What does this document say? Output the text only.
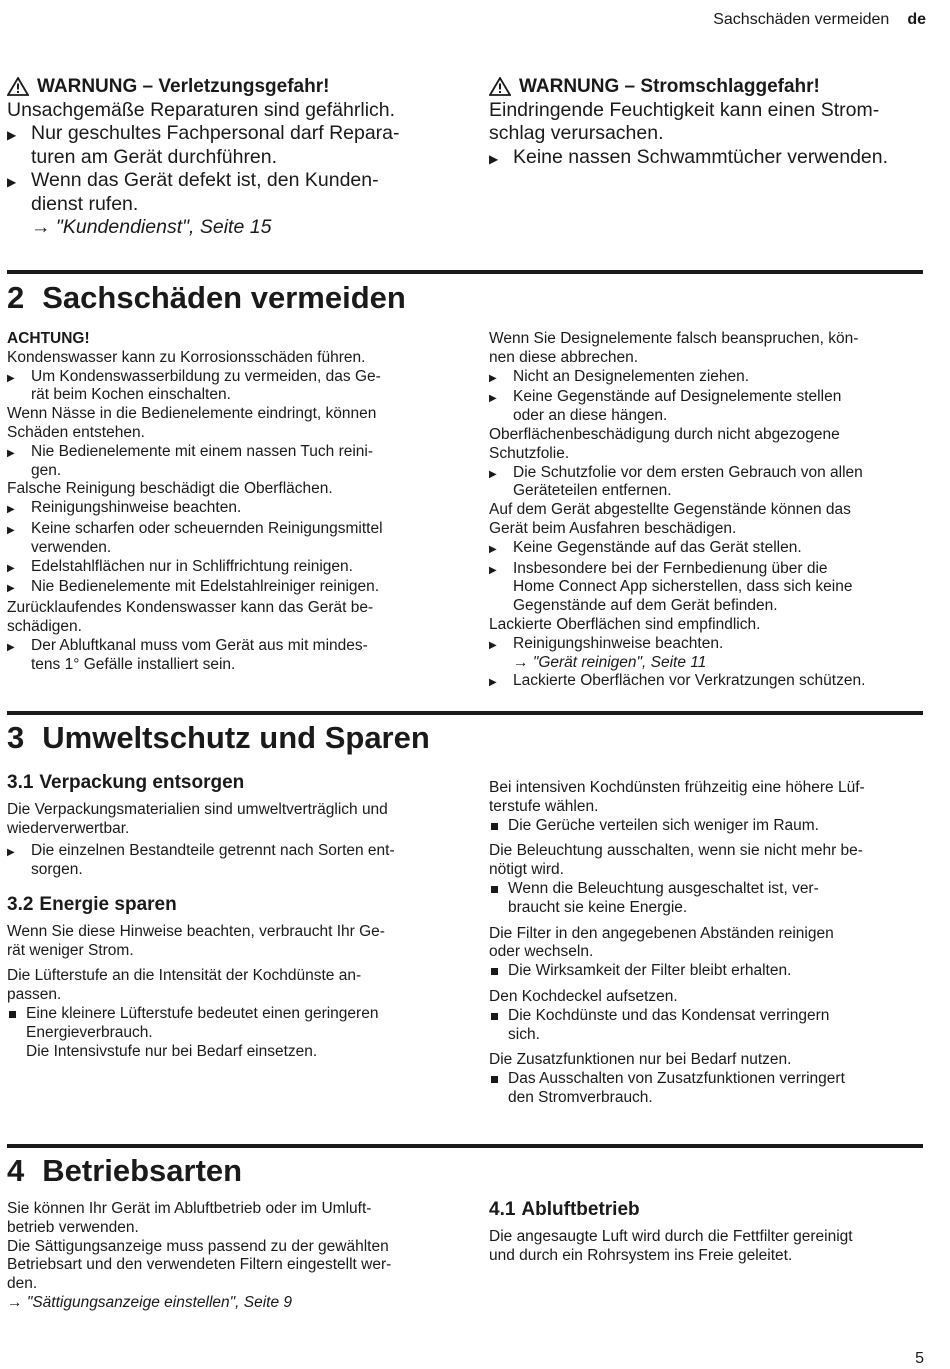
Sachschäden vermeiden de
WARNUNG – Verletzungsgefahr!

Unsachgemäße Reparaturen sind gefährlich.

▶ Nur geschultes Fachpersonal darf Repara-
turen am Gerät durchführen.
▶ Wenn das Gerät defekt ist, den Kunden-
dienst rufen.
→ "Kundendienst", Seite 15
WARNUNG – Stromschlaggefahr!

Eindringende Feuchtigkeit kann einen Strom-
schlag verursachen.

▶ Keine nassen Schwammtücher verwenden.
2 Sachschäden vermeiden

ACHTUNG!

Kondenswasser kann zu Korrosionsschäden führen.

▶	Um Kondenswasserbildung zu vermeiden, das Ge-
rät beim Kochen einschalten.

Wenn Nässe in die Bedienelemente eindringt, können
Schäden entstehen.

▶	Nie Bedienelemente mit einem nassen Tuch reini-
gen.

Falsche Reinigung beschädigt die Oberflächen.

▶	Reinigungshinweise beachten.
▶	Keine scharfen oder scheuernden Reinigungsmittel
verwenden.
▶	Edelstahlflächen nur in Schliffrichtung reinigen.
▶	Nie Bedienelemente mit Edelstahlreiniger reinigen.

Zurücklaufendes Kondenswasser kann das Gerät be-
schädigen.

▶	Der Abluftkanal muss vom Gerät aus mit mindes-
tens 1° Gefälle installiert sein.

Wenn Sie Designelemente falsch beanspruchen, kön-
nen diese abbrechen.

▶	Nicht an Designelementen ziehen.
▶	Keine Gegenstände auf Designelemente stellen
oder an diese hängen.

Oberflächenbeschädigung durch nicht abgezogene
Schutzfolie.

▶	Die Schutzfolie vor dem ersten Gebrauch von allen
Geräteteilen entfernen.

Auf dem Gerät abgestellte Gegenstände können das
Gerät beim Ausfahren beschädigen.

▶	Keine Gegenstände auf das Gerät stellen.
▶	Insbesondere bei der Fernbedienung über die
Home Connect App sicherstellen, dass sich keine
Gegenstände auf dem Gerät befinden.

Lackierte Oberflächen sind empfindlich.

▶	Reinigungshinweise beachten.
→ "Gerät reinigen", Seite 11
▶	Lackierte Oberflächen vor Verkratzungen schützen.
3 Umweltschutz und Sparen
3.1 Verpackung entsorgen

Die Verpackungsmaterialien sind umweltverträglich und
wiederverwertbar.

▶	Die einzelnen Bestandteile getrennt nach Sorten ent-
sorgen.
3.2 Energie sparen

Wenn Sie diese Hinweise beachten, verbraucht Ihr Ge-
rät weniger Strom.

Die Lüfterstufe an die Intensität der Kochdünste an-
passen.

Eine kleinere Lüfterstufe bedeutet einen geringeren
Energieverbrauch.
Die Intensivstufe nur bei Bedarf einsetzen.

Bei intensiven Kochdünsten frühzeitig eine höhere Lüf-
terstufe wählen.

Die Gerüche verteilen sich weniger im Raum.

Die Beleuchtung ausschalten, wenn sie nicht mehr be-
nötigt wird.

Wenn die Beleuchtung ausgeschaltet ist, ver-
braucht sie keine Energie.

Die Filter in den angegebenen Abständen reinigen
oder wechseln.

Die Wirksamkeit der Filter bleibt erhalten.

Den Kochdeckel aufsetzen.

Die Kochdünste und das Kondensat verringern
sich.

Die Zusatzfunktionen nur bei Bedarf nutzen.

Das Ausschalten von Zusatzfunktionen verringert
den Stromverbrauch.
4 Betriebsarten

Sie können Ihr Gerät im Abluftbetrieb oder im Umluft-
betrieb verwenden.

Die Sättigungsanzeige muss passend zu der gewählten
Betriebsart und den verwendeten Filtern eingestellt wer-
den.

→ "Sättigungsanzeige einstellen", Seite 9

4.1 Abluftbetrieb

Die angesaugte Luft wird durch die Fettfilter gereinigt
und durch ein Rohrsystem ins Freie geleitet.

5
